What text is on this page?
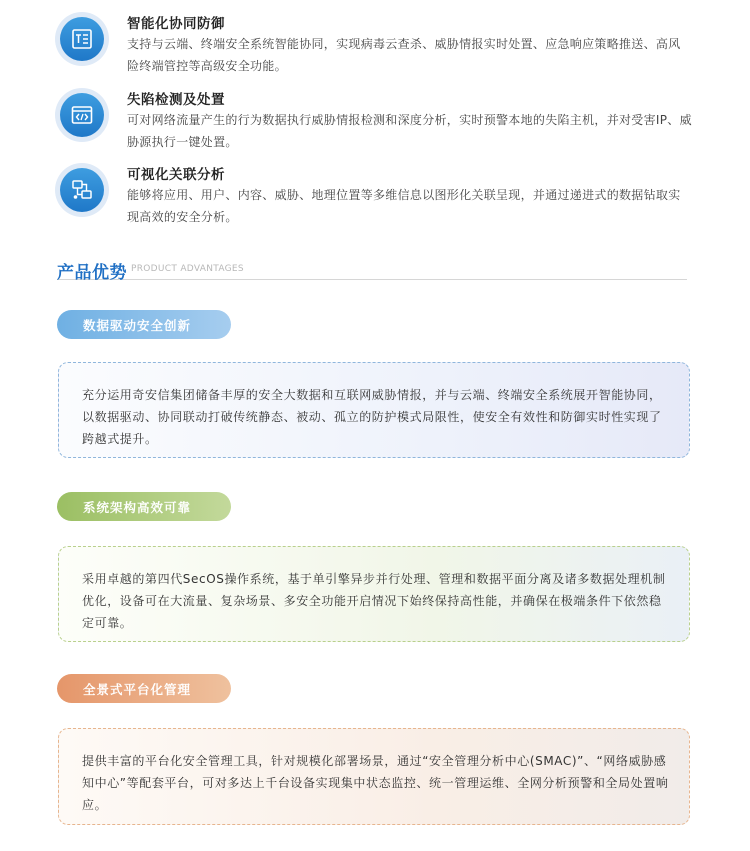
智能化协同防御
支持与云端、终端安全系统智能协同，实现病毒云查杀、威胁情报实时处置、应急响应策略推送、高风险终端管控等高级安全功能。
失陷检测及处置
可对网络流量产生的行为数据执行威胁情报检测和深度分析，实时预警本地的失陷主机，并对受害IP、威胁源执行一键处置。
可视化关联分析
能够将应用、用户、内容、威胁、地理位置等多维信息以图形化关联呈现，并通过递进式的数据钻取实现高效的安全分析。
产品优势 PRODUCT ADVANTAGES
数据驱动安全创新

充分运用奇安信集团储备丰厚的安全大数据和互联网威胁情报，并与云端、终端安全系统展开智能协同，以数据驱动、协同联动打破传统静态、被动、孤立的防护模式局限性，使安全有效性和防御实时性实现了跨越式提升。

系统架构高效可靠

采用卓越的第四代SecOS操作系统，基于单引擎异步并行处理、管理和数据平面分离及诸多数据处理机制优化，设备可在大流量、复杂场景、多安全功能开启情况下始终保持高性能，并确保在极端条件下依然稳定可靠。

全景式平台化管理

提供丰富的平台化安全管理工具，针对规模化部署场景，通过“安全管理分析中心(SMAC)”、“网络威胁感知中心”等配套平台，可对多达上千台设备实现集中状态监控、统一管理运维、全网分析预警和全局处置响应。
